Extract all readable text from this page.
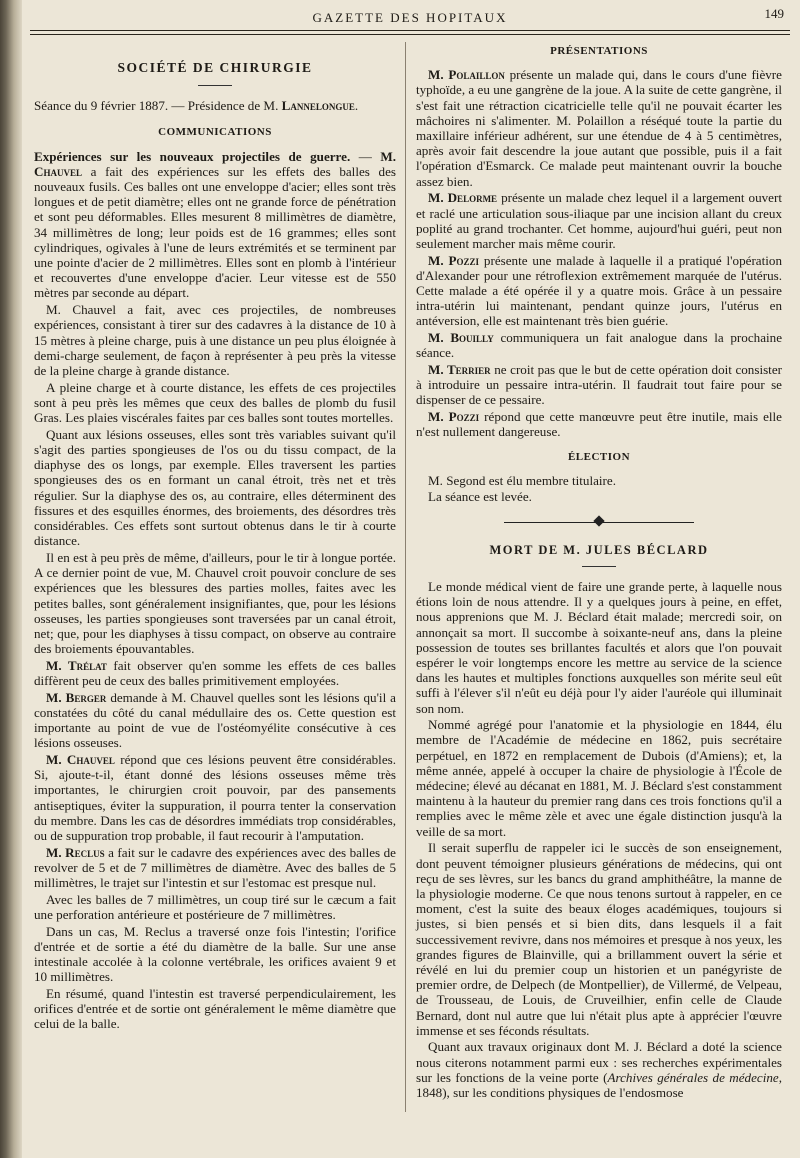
GAZETTE DES HOPITAUX	149
SOCIÉTÉ DE CHIRURGIE

Séance du 9 février 1887. — Présidence de M. Lannelongue.

COMMUNICATIONS

Expériences sur les nouveaux projectiles de guerre. — M. Chauvel a fait des expériences sur les effets des balles des nouveaux fusils. Ces balles ont une enveloppe d'acier; elles sont très longues et de petit diamètre; elles ont ne grande force de pénétration et sont peu déformables. Elles mesurent 8 millimètres de diamètre, 34 millimètres de long; leur poids est de 16 grammes; elles sont cylindriques, ogivales à l'une de leurs extrémités et se terminent par une pointe d'acier de 2 millimètres. Elles sont en plomb à l'intérieur et recouvertes d'une enveloppe d'acier. Leur vitesse est de 550 mètres par seconde au départ.

M. Chauvel a fait, avec ces projectiles, de nombreuses expériences, consistant à tirer sur des cadavres à la distance de 10 à 15 mètres à pleine charge, puis à une distance un peu plus éloignée à demi-charge seulement, de façon à représenter à peu près la vitesse de la pleine charge à grande distance.

A pleine charge et à courte distance, les effets de ces projectiles sont à peu près les mêmes que ceux des balles de plomb du fusil Gras. Les plaies viscérales faites par ces balles sont toutes mortelles.

Quant aux lésions osseuses, elles sont très variables suivant qu'il s'agit des parties spongieuses de l'os ou du tissu compact, de la diaphyse des os longs, par exemple. Elles traversent les parties spongieuses des os en formant un canal étroit, très net et très régulier. Sur la diaphyse des os, au contraire, elles déterminent des fissures et des esquilles énormes, des broiements, des désordres très considérables. Ces effets sont surtout obtenus dans le tir à courte distance.

Il en est à peu près de même, d'ailleurs, pour le tir à longue portée. A ce dernier point de vue, M. Chauvel croit pouvoir conclure de ses expériences que les blessures des parties molles, faites avec les petites balles, sont généralement insignifiantes, que, pour les lésions osseuses, les parties spongieuses sont traversées par un canal étroit, net; que, pour les diaphyses à tissu compact, on observe au contraire des broiements épouvantables.

M. Trélat fait observer qu'en somme les effets de ces balles diffèrent peu de ceux des balles primitivement employées.

M. Berger demande à M. Chauvel quelles sont les lésions qu'il a constatées du côté du canal médullaire des os. Cette question est importante au point de vue de l'ostéomyélite consécutive à ces lésions osseuses.

M. Chauvel répond que ces lésions peuvent être considérables. Si, ajoute-t-il, étant donné des lésions osseuses même très importantes, le chirurgien croit pouvoir, par des pansements antiseptiques, éviter la suppuration, il pourra tenter la conservation du membre. Dans les cas de désordres immédiats trop considérables, ou de suppuration trop probable, il faut recourir à l'amputation.

M. Reclus a fait sur le cadavre des expériences avec des balles de revolver de 5 et de 7 millimètres de diamètre. Avec des balles de 5 millimètres, le trajet sur l'intestin et sur l'estomac est presque nul.

Avec les balles de 7 millimètres, un coup tiré sur le cæcum a fait une perforation antérieure et postérieure de 7 millimètres.

Dans un cas, M. Reclus a traversé onze fois l'intestin; l'orifice d'entrée et de sortie a été du diamètre de la balle. Sur une anse intestinale accolée à la colonne vertébrale, les orifices avaient 9 et 10 millimètres.

En résumé, quand l'intestin est traversé perpendiculairement, les orifices d'entrée et de sortie ont généralement le même diamètre que celui de la balle.

PRÉSENTATIONS

M. Polaillon présente un malade qui, dans le cours d'une fièvre typhoïde, a eu une gangrène de la joue. A la suite de cette gangrène, il s'est fait une rétraction cicatricielle telle qu'il ne pouvait écarter les mâchoires ni s'alimenter. M. Polaillon a réséqué toute la partie du maxillaire inférieur adhérent, sur une étendue de 4 à 5 centimètres, après avoir fait descendre la joue autant que possible, puis il a fait l'opération d'Esmarck. Ce malade peut maintenant ouvrir la bouche assez bien.

M. Delorme présente un malade chez lequel il a largement ouvert et raclé une articulation sous-iliaque par une incision allant du creux poplité au grand trochanter. Cet homme, aujourd'hui guéri, peut non seulement marcher mais même courir.

M. Pozzi présente une malade à laquelle il a pratiqué l'opération d'Alexander pour une rétroflexion extrêmement marquée de l'utérus. Cette malade a été opérée il y a quatre mois. Grâce à un pessaire intra-utérin lui maintenant, pendant quinze jours, l'utérus en antéversion, elle est maintenant très bien guérie.

M. Bouilly communiquera un fait analogue dans la prochaine séance.

M. Terrier ne croit pas que le but de cette opération doit consister à introduire un pessaire intra-utérin. Il faudrait tout faire pour se dispenser de ce pessaire.

M. Pozzi répond que cette manœuvre peut être inutile, mais elle n'est nullement dangereuse.

ÉLECTION

M. Segond est élu membre titulaire.

La séance est levée.

MORT DE M. JULES BÉCLARD

Le monde médical vient de faire une grande perte, à laquelle nous étions loin de nous attendre. Il y a quelques jours à peine, en effet, nous apprenions que M. J. Béclard était malade; mercredi soir, on annonçait sa mort. Il succombe à soixante-neuf ans, dans la pleine possession de toutes ses brillantes facultés et alors que l'on pouvait espérer le voir longtemps encore les mettre au service de la science dans les hautes et multiples fonctions auxquelles son mérite seul eût suffi à l'élever s'il n'eût eu déjà pour l'y aider l'auréole qui illuminait son nom.

Nommé agrégé pour l'anatomie et la physiologie en 1844, élu membre de l'Académie de médecine en 1862, puis secrétaire perpétuel, en 1872 en remplacement de Dubois (d'Amiens); et, la même année, appelé à occuper la chaire de physiologie à l'École de médecine; élevé au décanat en 1881, M. J. Béclard s'est constamment maintenu à la hauteur du premier rang dans ces trois fonctions qu'il a remplies avec le même zèle et avec une égale distinction jusqu'à la veille de sa mort.

Il serait superflu de rappeler ici le succès de son enseignement, dont peuvent témoigner plusieurs générations de médecins, qui ont reçu de ses lèvres, sur les bancs du grand amphithéâtre, la manne de la physiologie moderne. Ce que nous tenons surtout à rappeler, en ce moment, c'est la suite des beaux éloges académiques, toujours si justes, si bien pensés et si bien dits, dans lesquels il a fait successivement revivre, dans nos mémoires et presque à nos yeux, les grandes figures de Blainville, qui a brillamment ouvert la série et révélé en lui du premier coup un historien et un panégyriste de premier ordre, de Delpech (de Montpellier), de Villermé, de Velpeau, de Trousseau, de Louis, de Cruveilhier, enfin celle de Claude Bernard, dont nul autre que lui n'était plus apte à apprécier l'œuvre immense et ses féconds résultats.

Quant aux travaux originaux dont M. J. Béclard a doté la science nous citerons notamment parmi eux : ses recherches expérimentales sur les fonctions de la veine porte (Archives générales de médecine, 1848), sur les conditions physiques de l'endosmose
